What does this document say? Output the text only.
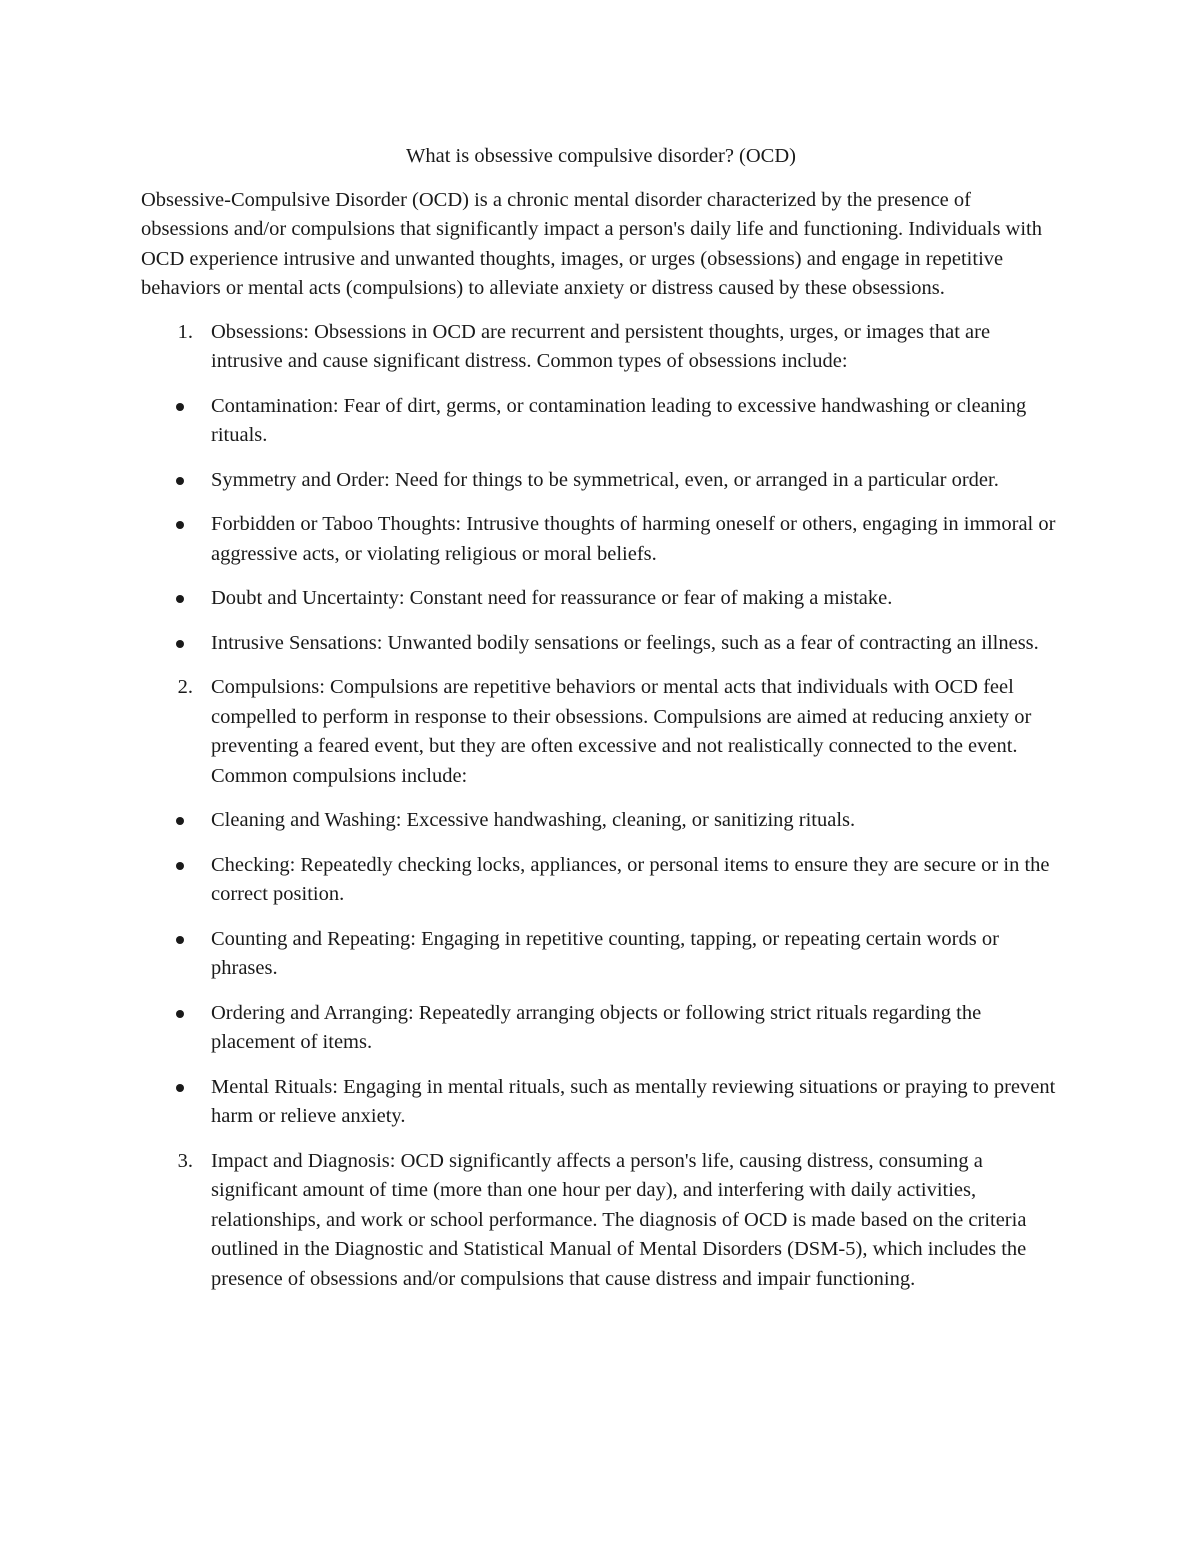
What is obsessive compulsive disorder? (OCD)

Obsessive-Compulsive Disorder (OCD) is a chronic mental disorder characterized by the presence of obsessions and/or compulsions that significantly impact a person's daily life and functioning. Individuals with OCD experience intrusive and unwanted thoughts, images, or urges (obsessions) and engage in repetitive behaviors or mental acts (compulsions) to alleviate anxiety or distress caused by these obsessions.

1. Obsessions: Obsessions in OCD are recurrent and persistent thoughts, urges, or images that are intrusive and cause significant distress. Common types of obsessions include:
Contamination: Fear of dirt, germs, or contamination leading to excessive handwashing or cleaning rituals.
Symmetry and Order: Need for things to be symmetrical, even, or arranged in a particular order.
Forbidden or Taboo Thoughts: Intrusive thoughts of harming oneself or others, engaging in immoral or aggressive acts, or violating religious or moral beliefs.
Doubt and Uncertainty: Constant need for reassurance or fear of making a mistake.
Intrusive Sensations: Unwanted bodily sensations or feelings, such as a fear of contracting an illness.
2. Compulsions: Compulsions are repetitive behaviors or mental acts that individuals with OCD feel compelled to perform in response to their obsessions. Compulsions are aimed at reducing anxiety or preventing a feared event, but they are often excessive and not realistically connected to the event. Common compulsions include:
Cleaning and Washing: Excessive handwashing, cleaning, or sanitizing rituals.
Checking: Repeatedly checking locks, appliances, or personal items to ensure they are secure or in the correct position.
Counting and Repeating: Engaging in repetitive counting, tapping, or repeating certain words or phrases.
Ordering and Arranging: Repeatedly arranging objects or following strict rituals regarding the placement of items.
Mental Rituals: Engaging in mental rituals, such as mentally reviewing situations or praying to prevent harm or relieve anxiety.
3. Impact and Diagnosis: OCD significantly affects a person's life, causing distress, consuming a significant amount of time (more than one hour per day), and interfering with daily activities, relationships, and work or school performance. The diagnosis of OCD is made based on the criteria outlined in the Diagnostic and Statistical Manual of Mental Disorders (DSM-5), which includes the presence of obsessions and/or compulsions that cause distress and impair functioning.
